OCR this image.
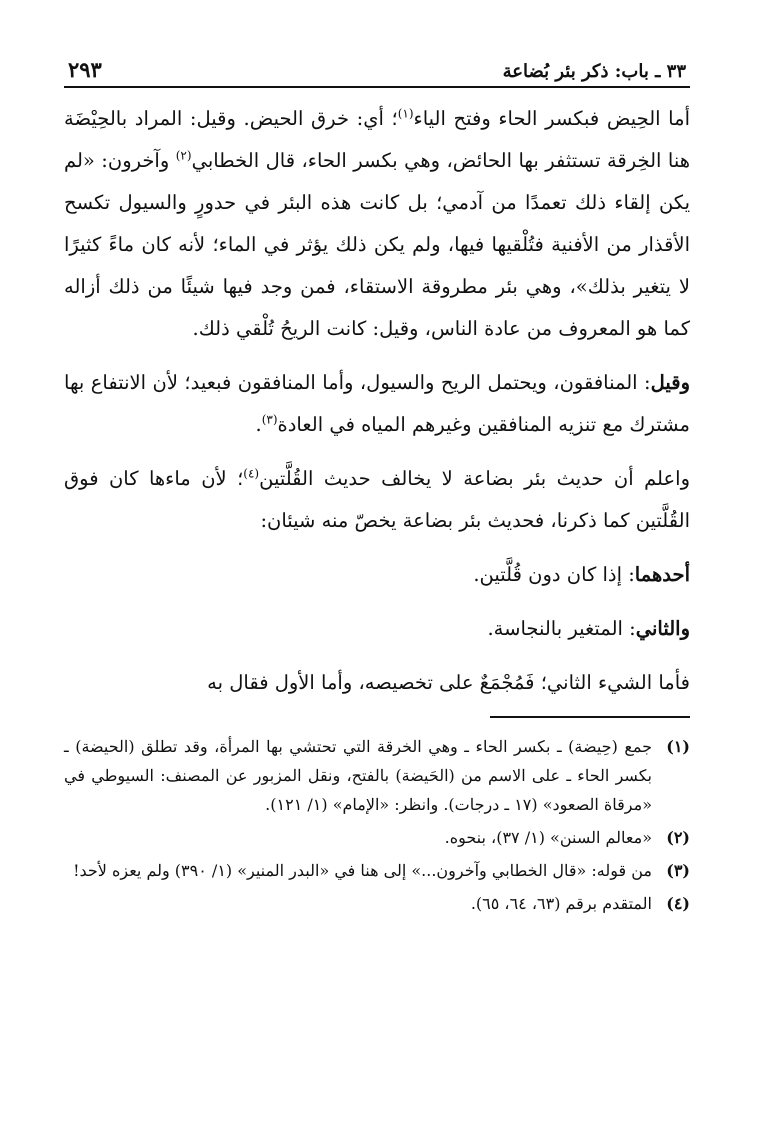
٣٣ ـ باب: ذكر بئر بُضاعة
٢٩٣

أما الحِيض فبكسر الحاء وفتح الياء$^{(١)}$؛ أي: خرق الحيض. وقيل: المراد بالحِيْضَة هنا الخِرقة تستثفر بها الحائض، وهي بكسر الحاء، قال الخطابي$^{(٢)}$ وآخرون: «لم يكن إلقاء ذلك تعمدًا من آدمي؛ بل كانت هذه البئر في حدورٍ والسيول تكسح الأقذار من الأفنية فتُلْقيها فيها، ولم يكن ذلك يؤثر في الماء؛ لأنه كان ماءً كثيرًا لا يتغير بذلك»، وهي بئر مطروقة الاستقاء، فمن وجد فيها شيئًا من ذلك أزاله كما هو المعروف من عادة الناس، وقيل: كانت الريحُ تُلْقي ذلك.

وقيل: المنافقون، ويحتمل الريح والسيول، وأما المنافقون فبعيد؛ لأن الانتفاع بها مشترك مع تنزيه المنافقين وغيرهم المياه في العادة$^{(٣)}$.

واعلم أن حديث بئر بضاعة لا يخالف حديث القُلَّتين$^{(٤)}$؛ لأن ماءها كان فوق القُلَّتين كما ذكرنا، فحديث بئر بضاعة يخصّ منه شيئان:

أحدهما: إذا كان دون قُلَّتين.

والثاني: المتغير بالنجاسة.

فأما الشيء الثاني؛ فَمُجْمَعٌ على تخصيصه، وأما الأول فقال به

(١)
جمع (حِيضة) ـ بكسر الحاء ـ وهي الخرقة التي تحتشي بها المرأة، وقد تطلق (الحيضة) ـ بكسر الحاء ـ على الاسم من (الحَيضة) بالفتح، ونقل المزبور عن المصنف: السيوطي في «مرقاة الصعود» (١٧ ـ درجات). وانظر: «الإمام» (١/ ١٢١).
(٢)
«معالم السنن» (١/ ٣٧)، بنحوه.
(٣)
من قوله: «قال الخطابي وآخرون...» إلى هنا في «البدر المنير» (١/ ٣٩٠) ولم يعزه لأحد!
(٤)
المتقدم برقم (٦٣، ٦٤، ٦٥).
